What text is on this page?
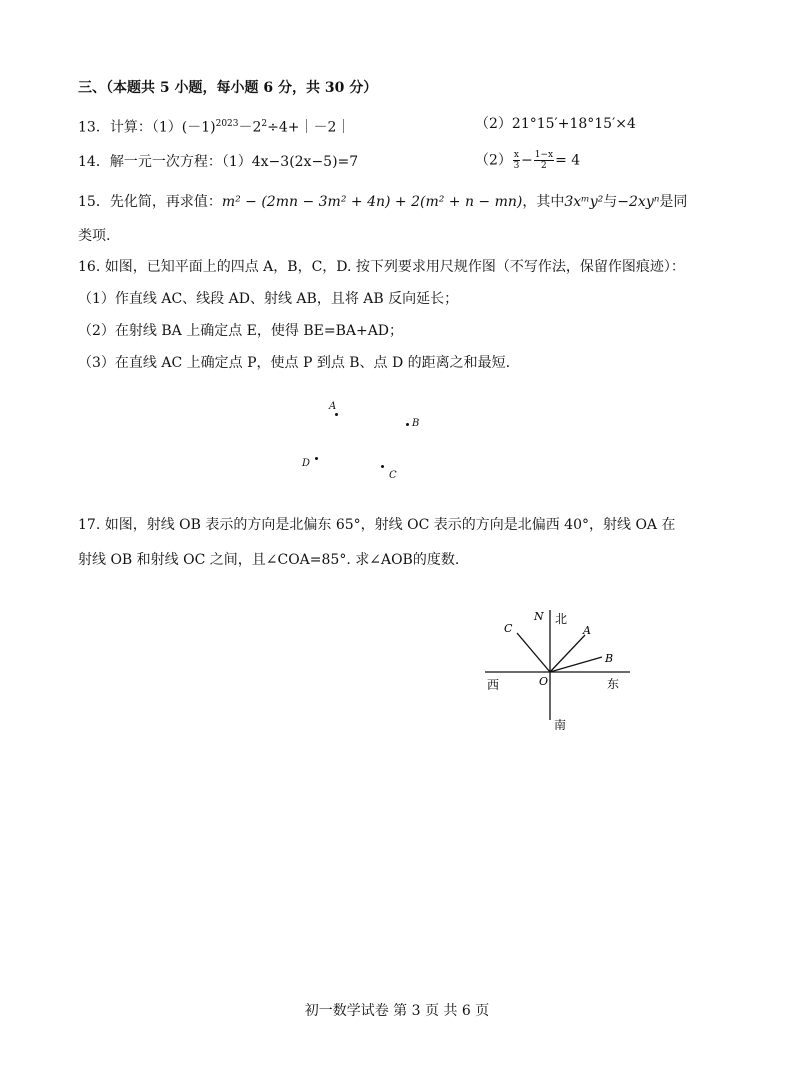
三、（本题共 5 小题，每小题 6 分，共 30 分）
13．计算：$(1)(-1)^{2023}-2^2\div 4+|-2|$	（2）21°15′+18°15′×4
14．解一元一次方程：（1）4x−3(2x−5)=7	$(2) \frac{x}{3} - \frac{1-x}{2} = 4$
15．先化简，再求值：m² − (2mn − 3m² + 4n) + 2(m² + n − mn)，其中3xᵐy²与−2xyⁿ是同
类项.
16. 如图，已知平面上的四点 A，B，C，D. 按下列要求用尺规作图（不写作法，保留作图痕迹）：
（1）作直线 AC、线段 AD、射线 AB，且将 AB 反向延长；
（2）在射线 BA 上确定点 E，使得 BE=BA+AD；
（3）在直线 AC 上确定点 P，使点 P 到点 B、点 D 的距离之和最短.
A
B
D
C
17. 如图，射线 OB 表示的方向是北偏东 65°，射线 OC 表示的方向是北偏西 40°，射线 OA 在
射线 OB 和射线 OC 之间，且∠COA=85°. 求∠AOB的度数.
N 北
C	A
B
西	O	东
南
初一数学试卷 第 3 页 共 6 页
